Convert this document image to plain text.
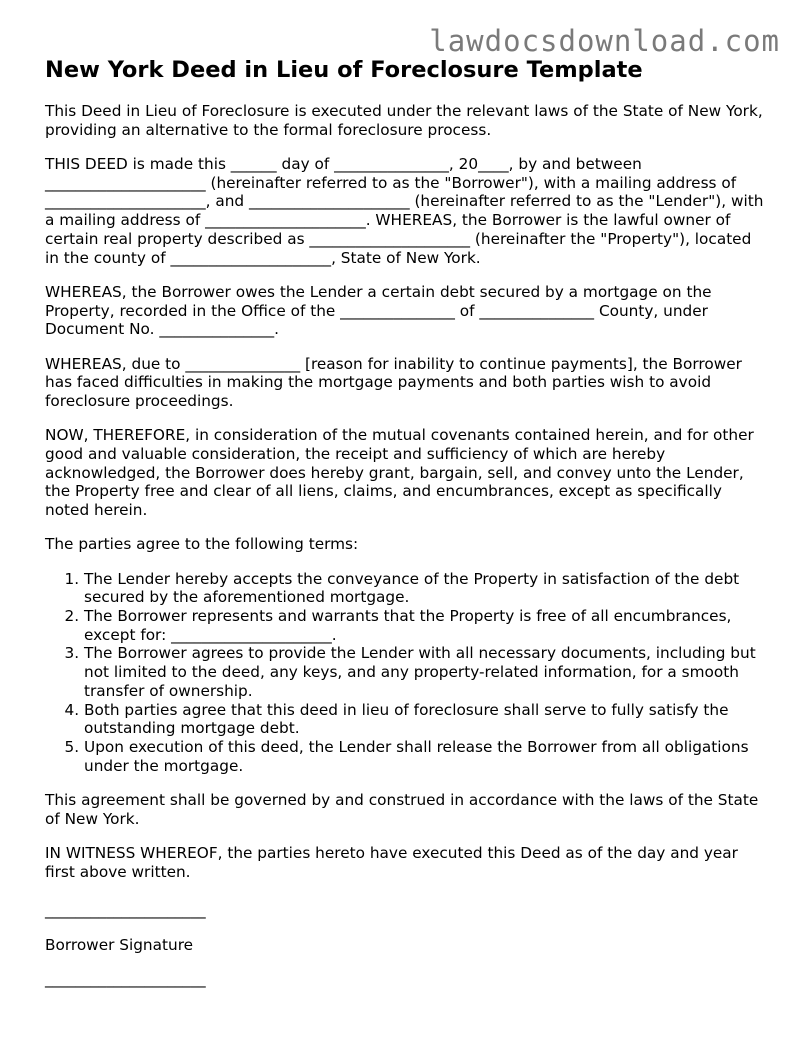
lawdocsdownload.com
New York Deed in Lieu of Foreclosure Template

This Deed in Lieu of Foreclosure is executed under the relevant laws of the State of New York, providing an alternative to the formal foreclosure process.

THIS DEED is made this ______ day of _______________, 20____, by and between _____________________ (hereinafter referred to as the "Borrower"), with a mailing address of _____________________, and _____________________ (hereinafter referred to as the "Lender"), with a mailing address of _____________________. WHEREAS, the Borrower is the lawful owner of certain real property described as _____________________ (hereinafter the "Property"), located in the county of _____________________, State of New York.

WHEREAS, the Borrower owes the Lender a certain debt secured by a mortgage on the Property, recorded in the Office of the _______________ of _______________ County, under Document No. _______________.

WHEREAS, due to _______________ [reason for inability to continue payments], the Borrower has faced difficulties in making the mortgage payments and both parties wish to avoid foreclosure proceedings.

NOW, THEREFORE, in consideration of the mutual covenants contained herein, and for other good and valuable consideration, the receipt and sufficiency of which are hereby acknowledged, the Borrower does hereby grant, bargain, sell, and convey unto the Lender, the Property free and clear of all liens, claims, and encumbrances, except as specifically noted herein.

The parties agree to the following terms:

1. The Lender hereby accepts the conveyance of the Property in satisfaction of the debt secured by the aforementioned mortgage.
2. The Borrower represents and warrants that the Property is free of all encumbrances, except for: _____________________.
3. The Borrower agrees to provide the Lender with all necessary documents, including but not limited to the deed, any keys, and any property-related information, for a smooth transfer of ownership.
4. Both parties agree that this deed in lieu of foreclosure shall serve to fully satisfy the outstanding mortgage debt.
5. Upon execution of this deed, the Lender shall release the Borrower from all obligations under the mortgage.

This agreement shall be governed by and construed in accordance with the laws of the State of New York.

IN WITNESS WHEREOF, the parties hereto have executed this Deed as of the day and year first above written.

_____________________
Borrower Signature
_____________________
